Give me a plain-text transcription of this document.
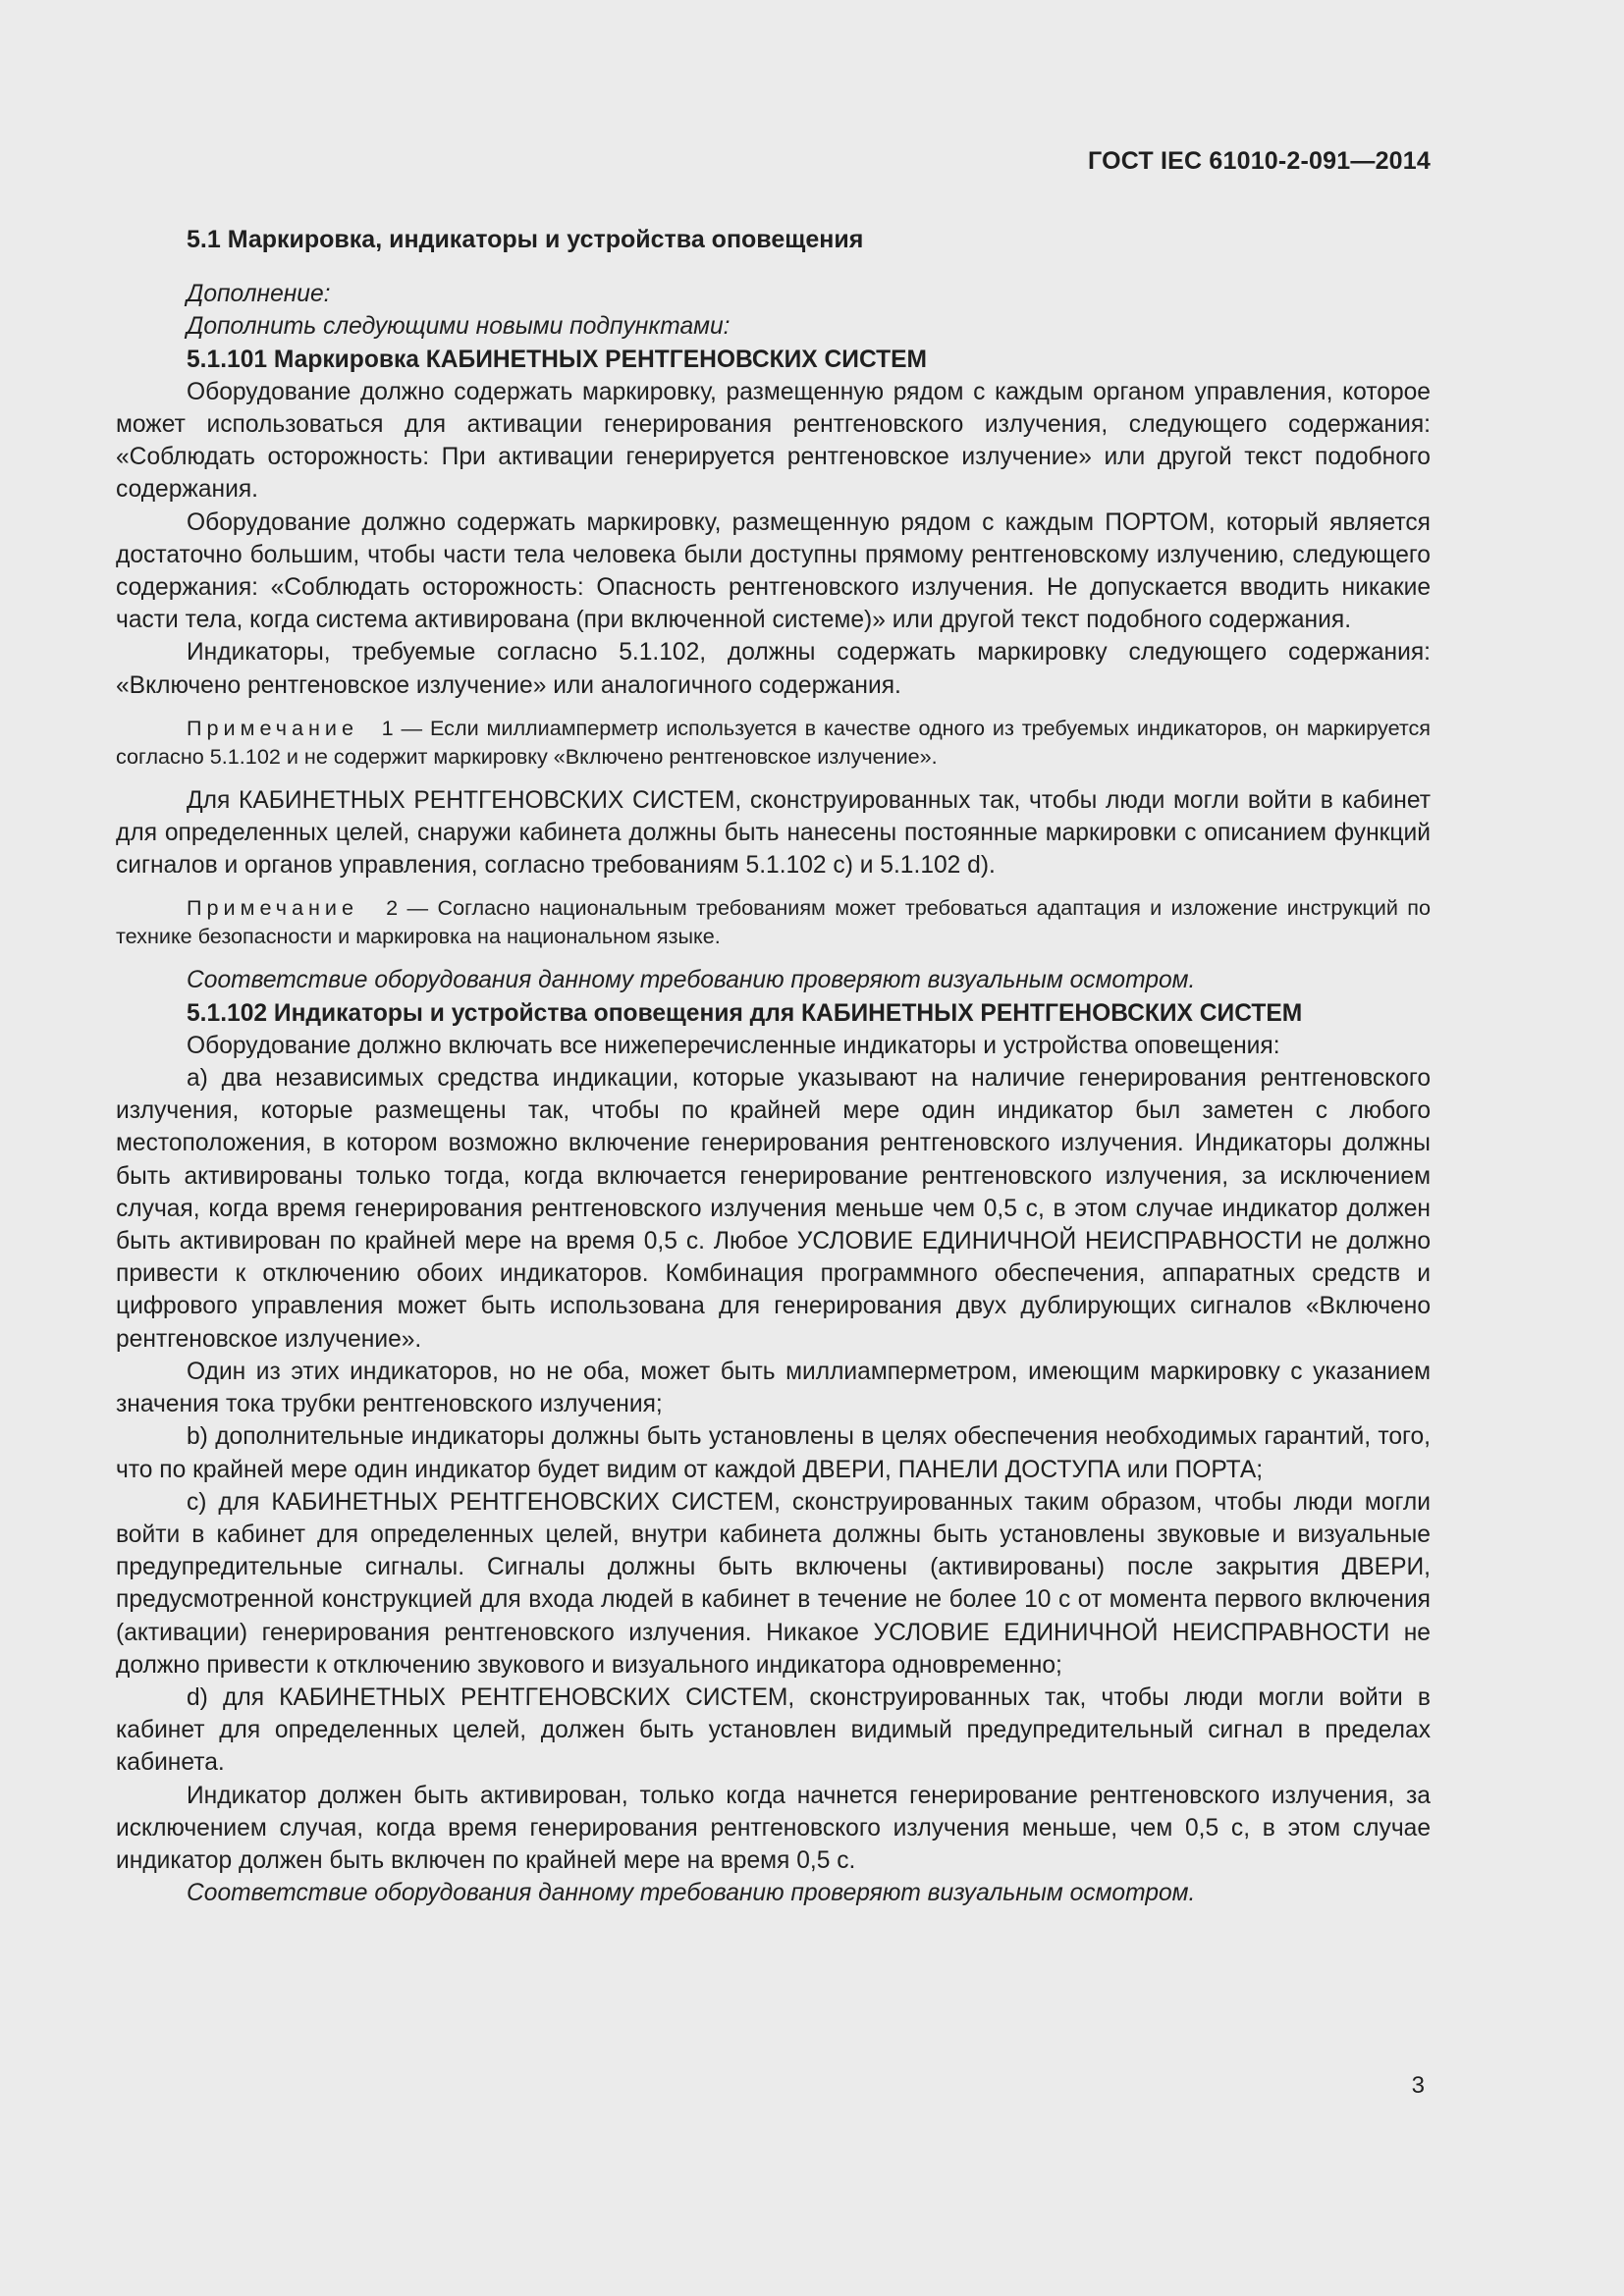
ГОСТ IEC 61010-2-091—2014

5.1 Маркировка, индикаторы и устройства оповещения

Дополнение:

Дополнить следующими новыми подпунктами:

5.1.101 Маркировка КАБИНЕТНЫХ РЕНТГЕНОВСКИХ СИСТЕМ

Оборудование должно содержать маркировку, размещенную рядом с каждым органом управления, которое может использоваться для активации генерирования рентгеновского излучения, следующего содержания: «Соблюдать осторожность: При активации генерируется рентгеновское излучение» или другой текст подобного содержания.

Оборудование должно содержать маркировку, размещенную рядом с каждым ПОРТОМ, который является достаточно большим, чтобы части тела человека были доступны прямому рентгеновскому излучению, следующего содержания: «Соблюдать осторожность: Опасность рентгеновского излучения. Не допускается вводить никакие части тела, когда система активирована (при включенной системе)» или другой текст подобного содержания.

Индикаторы, требуемые согласно 5.1.102, должны содержать маркировку следующего содержания: «Включено рентгеновское излучение» или аналогичного содержания.

Примечание 1 — Если миллиамперметр используется в качестве одного из требуемых индикаторов, он маркируется согласно 5.1.102 и не содержит маркировку «Включено рентгеновское излучение».

Для КАБИНЕТНЫХ РЕНТГЕНОВСКИХ СИСТЕМ, сконструированных так, чтобы люди могли войти в кабинет для определенных целей, снаружи кабинета должны быть нанесены постоянные маркировки с описанием функций сигналов и органов управления, согласно требованиям 5.1.102 c) и 5.1.102 d).

Примечание 2 — Согласно национальным требованиям может требоваться адаптация и изложение инструкций по технике безопасности и маркировка на национальном языке.

Соответствие оборудования данному требованию проверяют визуальным осмотром.

5.1.102 Индикаторы и устройства оповещения для КАБИНЕТНЫХ РЕНТГЕНОВСКИХ СИСТЕМ

Оборудование должно включать все нижеперечисленные индикаторы и устройства оповещения:

a) два независимых средства индикации, которые указывают на наличие генерирования рентгеновского излучения, которые размещены так, чтобы по крайней мере один индикатор был заметен с любого местоположения, в котором возможно включение генерирования рентгеновского излучения. Индикаторы должны быть активированы только тогда, когда включается генерирование рентгеновского излучения, за исключением случая, когда время генерирования рентгеновского излучения меньше чем 0,5 с, в этом случае индикатор должен быть активирован по крайней мере на время 0,5 с. Любое УСЛОВИЕ ЕДИНИЧНОЙ НЕИСПРАВНОСТИ не должно привести к отключению обоих индикаторов. Комбинация программного обеспечения, аппаратных средств и цифрового управления может быть использована для генерирования двух дублирующих сигналов «Включено рентгеновское излучение».

Один из этих индикаторов, но не оба, может быть миллиамперметром, имеющим маркировку с указанием значения тока трубки рентгеновского излучения;

b) дополнительные индикаторы должны быть установлены в целях обеспечения необходимых гарантий, того, что по крайней мере один индикатор будет видим от каждой ДВЕРИ, ПАНЕЛИ ДОСТУПА или ПОРТА;

c) для КАБИНЕТНЫХ РЕНТГЕНОВСКИХ СИСТЕМ, сконструированных таким образом, чтобы люди могли войти в кабинет для определенных целей, внутри кабинета должны быть установлены звуковые и визуальные предупредительные сигналы. Сигналы должны быть включены (активированы) после закрытия ДВЕРИ, предусмотренной конструкцией для входа людей в кабинет в течение не более 10 с от момента первого включения (активации) генерирования рентгеновского излучения. Никакое УСЛОВИЕ ЕДИНИЧНОЙ НЕИСПРАВНОСТИ не должно привести к отключению звукового и визуального индикатора одновременно;

d) для КАБИНЕТНЫХ РЕНТГЕНОВСКИХ СИСТЕМ, сконструированных так, чтобы люди могли войти в кабинет для определенных целей, должен быть установлен видимый предупредительный сигнал в пределах кабинета.

Индикатор должен быть активирован, только когда начнется генерирование рентгеновского излучения, за исключением случая, когда время генерирования рентгеновского излучения меньше, чем 0,5 с, в этом случае индикатор должен быть включен по крайней мере на время 0,5 с.

Соответствие оборудования данному требованию проверяют визуальным осмотром.

3
